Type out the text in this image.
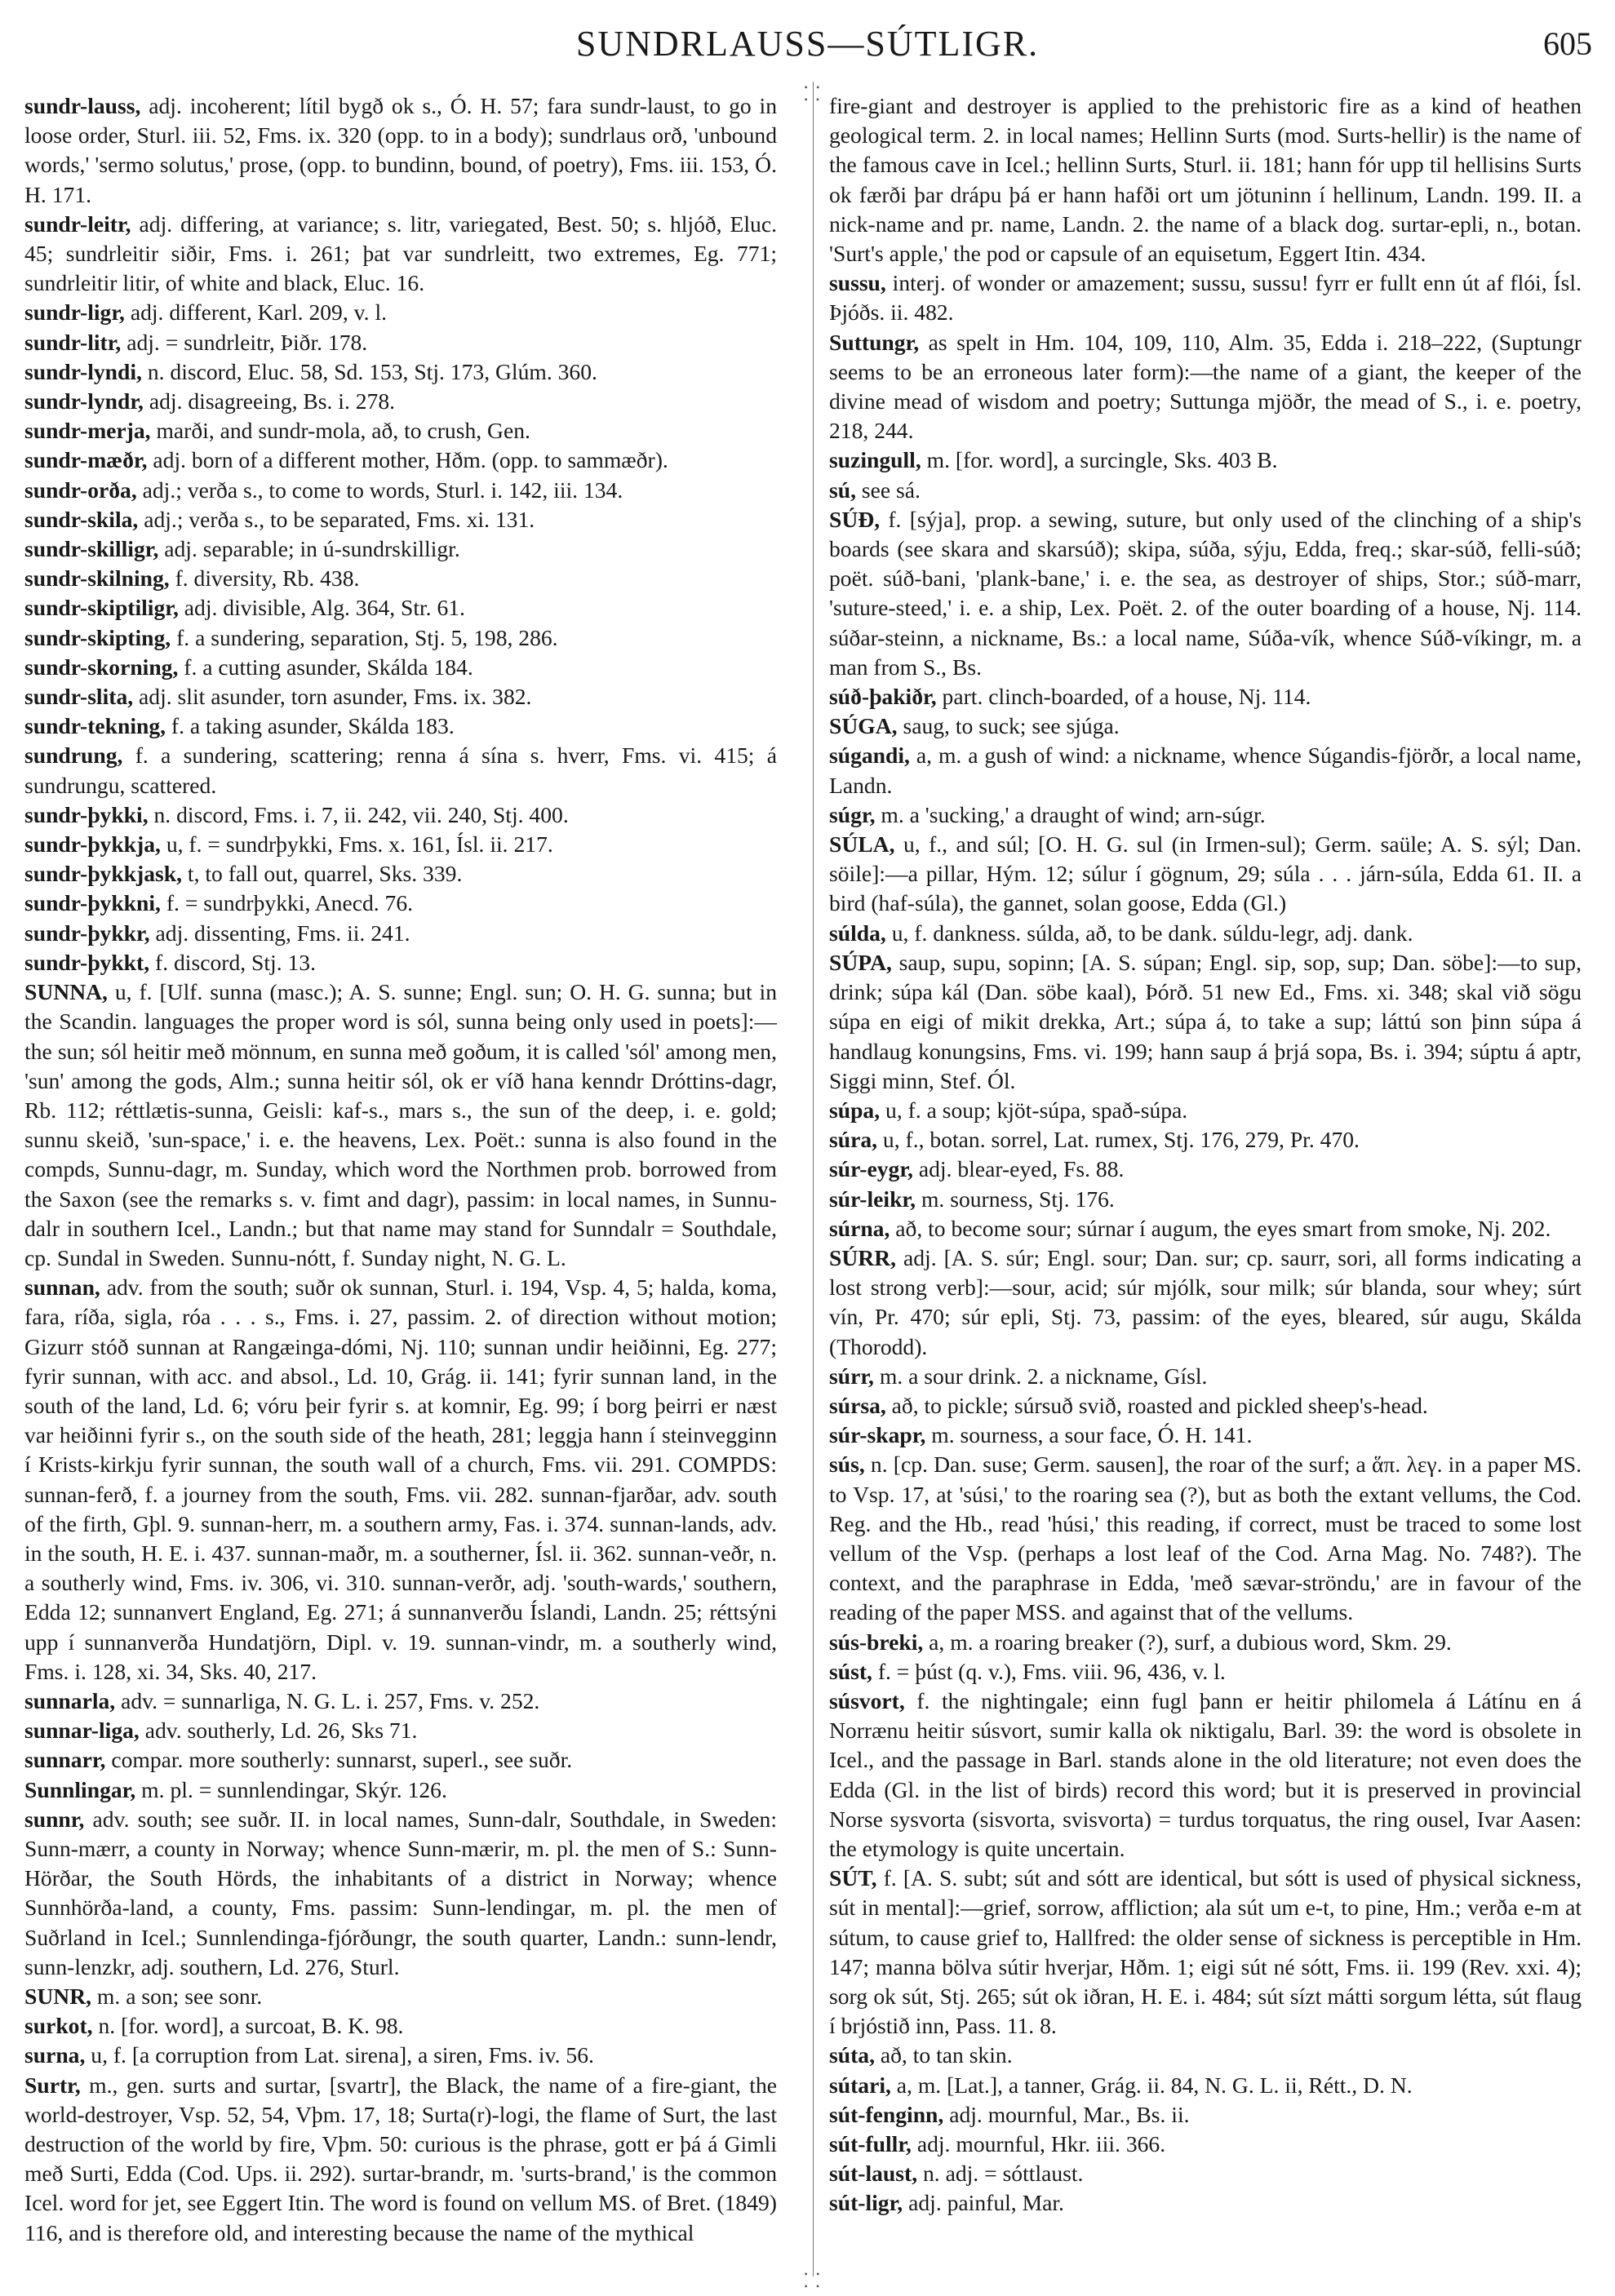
SUNDRLAUSS—SÚTLIGR.	605
⸬
⸬

sundr-lauss, adj. incoherent; lítil bygð ok s., Ó. H. 57; fara sundr-laust, to go in loose order, Sturl. iii. 52, Fms. ix. 320 (opp. to in a body); sundrlaus orð, 'unbound words,' 'sermo solutus,' prose, (opp. to bundinn, bound, of poetry), Fms. iii. 153, Ó. H. 171.

sundr-leitr, adj. differing, at variance; s. litr, variegated, Best. 50; s. hljóð, Eluc. 45; sundrleitir siðir, Fms. i. 261; þat var sundrleitt, two extremes, Eg. 771; sundrleitir litir, of white and black, Eluc. 16.

sundr-ligr, adj. different, Karl. 209, v. l.

sundr-litr, adj. = sundrleitr, Þiðr. 178.

sundr-lyndi, n. discord, Eluc. 58, Sd. 153, Stj. 173, Glúm. 360.

sundr-lyndr, adj. disagreeing, Bs. i. 278.

sundr-merja, marði, and sundr-mola, að, to crush, Gen.

sundr-mæðr, adj. born of a different mother, Hðm. (opp. to sammæðr).

sundr-orða, adj.; verða s., to come to words, Sturl. i. 142, iii. 134.

sundr-skila, adj.; verða s., to be separated, Fms. xi. 131.

sundr-skilligr, adj. separable; in ú-sundrskilligr.

sundr-skilning, f. diversity, Rb. 438.

sundr-skiptiligr, adj. divisible, Alg. 364, Str. 61.

sundr-skipting, f. a sundering, separation, Stj. 5, 198, 286.

sundr-skorning, f. a cutting asunder, Skálda 184.

sundr-slita, adj. slit asunder, torn asunder, Fms. ix. 382.

sundr-tekning, f. a taking asunder, Skálda 183.

sundrung, f. a sundering, scattering; renna á sína s. hverr, Fms. vi. 415; á sundrungu, scattered.

sundr-þykki, n. discord, Fms. i. 7, ii. 242, vii. 240, Stj. 400.

sundr-þykkja, u, f. = sundrþykki, Fms. x. 161, Ísl. ii. 217.

sundr-þykkjask, t, to fall out, quarrel, Sks. 339.

sundr-þykkni, f. = sundrþykki, Anecd. 76.

sundr-þykkr, adj. dissenting, Fms. ii. 241.

sundr-þykkt, f. discord, Stj. 13.

SUNNA, u, f. [Ulf. sunna (masc.); A. S. sunne; Engl. sun; O. H. G. sunna; but in the Scandin. languages the proper word is sól, sunna being only used in poets]:—the sun; sól heitir með mönnum, en sunna með goðum, it is called 'sól' among men, 'sun' among the gods, Alm.; sunna heitir sól, ok er víð hana kenndr Dróttins-dagr, Rb. 112; réttlætis-sunna, Geisli: kaf-s., mars s., the sun of the deep, i. e. gold; sunnu skeið, 'sun-space,' i. e. the heavens, Lex. Poët.: sunna is also found in the compds, Sunnu-dagr, m. Sunday, which word the Northmen prob. borrowed from the Saxon (see the remarks s. v. fimt and dagr), passim: in local names, in Sunnu-dalr in southern Icel., Landn.; but that name may stand for Sunndalr = Southdale, cp. Sundal in Sweden. Sunnu-nótt, f. Sunday night, N. G. L.

sunnan, adv. from the south; suðr ok sunnan, Sturl. i. 194, Vsp. 4, 5; halda, koma, fara, ríða, sigla, róa . . . s., Fms. i. 27, passim. 2. of direction without motion; Gizurr stóð sunnan at Rangæinga-dómi, Nj. 110; sunnan undir heiðinni, Eg. 277; fyrir sunnan, with acc. and absol., Ld. 10, Grág. ii. 141; fyrir sunnan land, in the south of the land, Ld. 6; vóru þeir fyrir s. at komnir, Eg. 99; í borg þeirri er næst var heiðinni fyrir s., on the south side of the heath, 281; leggja hann í steinvegginn í Krists-kirkju fyrir sunnan, the south wall of a church, Fms. vii. 291. COMPDS: sunnan-ferð, f. a journey from the south, Fms. vii. 282. sunnan-fjarðar, adv. south of the firth, Gþl. 9. sunnan-herr, m. a southern army, Fas. i. 374. sunnan-lands, adv. in the south, H. E. i. 437. sunnan-maðr, m. a southerner, Ísl. ii. 362. sunnan-veðr, n. a southerly wind, Fms. iv. 306, vi. 310. sunnan-verðr, adj. 'south-wards,' southern, Edda 12; sunnanvert England, Eg. 271; á sunnanverðu Íslandi, Landn. 25; réttsýni upp í sunnanverða Hundatjörn, Dipl. v. 19. sunnan-vindr, m. a southerly wind, Fms. i. 128, xi. 34, Sks. 40, 217.

sunnarla, adv. = sunnarliga, N. G. L. i. 257, Fms. v. 252.

sunnar-liga, adv. southerly, Ld. 26, Sks 71.

sunnarr, compar. more southerly: sunnarst, superl., see suðr.

Sunnlingar, m. pl. = sunnlendingar, Skýr. 126.

sunnr, adv. south; see suðr. II. in local names, Sunn-dalr, Southdale, in Sweden: Sunn-mærr, a county in Norway; whence Sunn-mærir, m. pl. the men of S.: Sunn-Hörðar, the South Hörds, the inhabitants of a district in Norway; whence Sunnhörða-land, a county, Fms. passim: Sunn-lendingar, m. pl. the men of Suðrland in Icel.; Sunnlendinga-fjórðungr, the south quarter, Landn.: sunn-lendr, sunn-lenzkr, adj. southern, Ld. 276, Sturl.

SUNR, m. a son; see sonr.

surkot, n. [for. word], a surcoat, B. K. 98.

surna, u, f. [a corruption from Lat. sirena], a siren, Fms. iv. 56.

Surtr, m., gen. surts and surtar, [svartr], the Black, the name of a fire-giant, the world-destroyer, Vsp. 52, 54, Vþm. 17, 18; Surta(r)-logi, the flame of Surt, the last destruction of the world by fire, Vþm. 50: curious is the phrase, gott er þá á Gimli með Surti, Edda (Cod. Ups. ii. 292). surtar-brandr, m. 'surts-brand,' is the common Icel. word for jet, see Eggert Itin. The word is found on vellum MS. of Bret. (1849) 116, and is therefore old, and interesting because the name of the mythical

fire-giant and destroyer is applied to the prehistoric fire as a kind of heathen geological term. 2. in local names; Hellinn Surts (mod. Surts-hellir) is the name of the famous cave in Icel.; hellinn Surts, Sturl. ii. 181; hann fór upp til hellisins Surts ok færði þar drápu þá er hann hafði ort um jötuninn í hellinum, Landn. 199. II. a nick-name and pr. name, Landn. 2. the name of a black dog. surtar-epli, n., botan. 'Surt's apple,' the pod or capsule of an equisetum, Eggert Itin. 434.

sussu, interj. of wonder or amazement; sussu, sussu! fyrr er fullt enn út af flói, Ísl. Þjóðs. ii. 482.

Suttungr, as spelt in Hm. 104, 109, 110, Alm. 35, Edda i. 218–222, (Suptungr seems to be an erroneous later form):—the name of a giant, the keeper of the divine mead of wisdom and poetry; Suttunga mjöðr, the mead of S., i. e. poetry, 218, 244.

suzingull, m. [for. word], a surcingle, Sks. 403 B.

sú, see sá.

SÚÐ, f. [sýja], prop. a sewing, suture, but only used of the clinching of a ship's boards (see skara and skarsúð); skipa, súða, sýju, Edda, freq.; skar-súð, felli-súð; poët. súð-bani, 'plank-bane,' i. e. the sea, as destroyer of ships, Stor.; súð-marr, 'suture-steed,' i. e. a ship, Lex. Poët. 2. of the outer boarding of a house, Nj. 114. súðar-steinn, a nickname, Bs.: a local name, Súða-vík, whence Súð-víkingr, m. a man from S., Bs.

súð-þakiðr, part. clinch-boarded, of a house, Nj. 114.

SÚGA, saug, to suck; see sjúga.

súgandi, a, m. a gush of wind: a nickname, whence Súgandis-fjörðr, a local name, Landn.

súgr, m. a 'sucking,' a draught of wind; arn-súgr.

SÚLA, u, f., and súl; [O. H. G. sul (in Irmen-sul); Germ. saüle; A. S. sýl; Dan. söile]:—a pillar, Hým. 12; súlur í gögnum, 29; súla . . . járn-súla, Edda 61. II. a bird (haf-súla), the gannet, solan goose, Edda (Gl.)

súlda, u, f. dankness. súlda, að, to be dank. súldu-legr, adj. dank.

SÚPA, saup, supu, sopinn; [A. S. súpan; Engl. sip, sop, sup; Dan. söbe]:—to sup, drink; súpa kál (Dan. söbe kaal), Þórð. 51 new Ed., Fms. xi. 348; skal við sögu súpa en eigi of mikit drekka, Art.; súpa á, to take a sup; láttú son þinn súpa á handlaug konungsins, Fms. vi. 199; hann saup á þrjá sopa, Bs. i. 394; súptu á aptr, Siggi minn, Stef. Ól.

súpa, u, f. a soup; kjöt-súpa, spað-súpa.

súra, u, f., botan. sorrel, Lat. rumex, Stj. 176, 279, Pr. 470.

súr-eygr, adj. blear-eyed, Fs. 88.

súr-leikr, m. sourness, Stj. 176.

súrna, að, to become sour; súrnar í augum, the eyes smart from smoke, Nj. 202.

SÚRR, adj. [A. S. súr; Engl. sour; Dan. sur; cp. saurr, sori, all forms indicating a lost strong verb]:—sour, acid; súr mjólk, sour milk; súr blanda, sour whey; súrt vín, Pr. 470; súr epli, Stj. 73, passim: of the eyes, bleared, súr augu, Skálda (Thorodd).

súrr, m. a sour drink. 2. a nickname, Gísl.

súrsa, að, to pickle; súrsuð svið, roasted and pickled sheep's-head.

súr-skapr, m. sourness, a sour face, Ó. H. 141.

sús, n. [cp. Dan. suse; Germ. sausen], the roar of the surf; a ἅπ. λεγ. in a paper MS. to Vsp. 17, at 'súsi,' to the roaring sea (?), but as both the extant vellums, the Cod. Reg. and the Hb., read 'húsi,' this reading, if correct, must be traced to some lost vellum of the Vsp. (perhaps a lost leaf of the Cod. Arna Mag. No. 748?). The context, and the paraphrase in Edda, 'með sævar-ströndu,' are in favour of the reading of the paper MSS. and against that of the vellums.

sús-breki, a, m. a roaring breaker (?), surf, a dubious word, Skm. 29.

súst, f. = þúst (q. v.), Fms. viii. 96, 436, v. l.

súsvort, f. the nightingale; einn fugl þann er heitir philomela á Látínu en á Norrænu heitir súsvort, sumir kalla ok niktigalu, Barl. 39: the word is obsolete in Icel., and the passage in Barl. stands alone in the old literature; not even does the Edda (Gl. in the list of birds) record this word; but it is preserved in provincial Norse sysvorta (sisvorta, svisvorta) = turdus torquatus, the ring ousel, Ivar Aasen: the etymology is quite uncertain.

SÚT, f. [A. S. subt; sút and sótt are identical, but sótt is used of physical sickness, sút in mental]:—grief, sorrow, affliction; ala sút um e-t, to pine, Hm.; verða e-m at sútum, to cause grief to, Hallfred: the older sense of sickness is perceptible in Hm. 147; manna bölva sútir hverjar, Hðm. 1; eigi sút né sótt, Fms. ii. 199 (Rev. xxi. 4); sorg ok sút, Stj. 265; sút ok iðran, H. E. i. 484; sút sízt mátti sorgum létta, sút flaug í brjóstið inn, Pass. 11. 8.

súta, að, to tan skin.

sútari, a, m. [Lat.], a tanner, Grág. ii. 84, N. G. L. ii, Rétt., D. N.

sút-fenginn, adj. mournful, Mar., Bs. ii.

sút-fullr, adj. mournful, Hkr. iii. 366.

sút-laust, n. adj. = sóttlaust.

sút-ligr, adj. painful, Mar.
